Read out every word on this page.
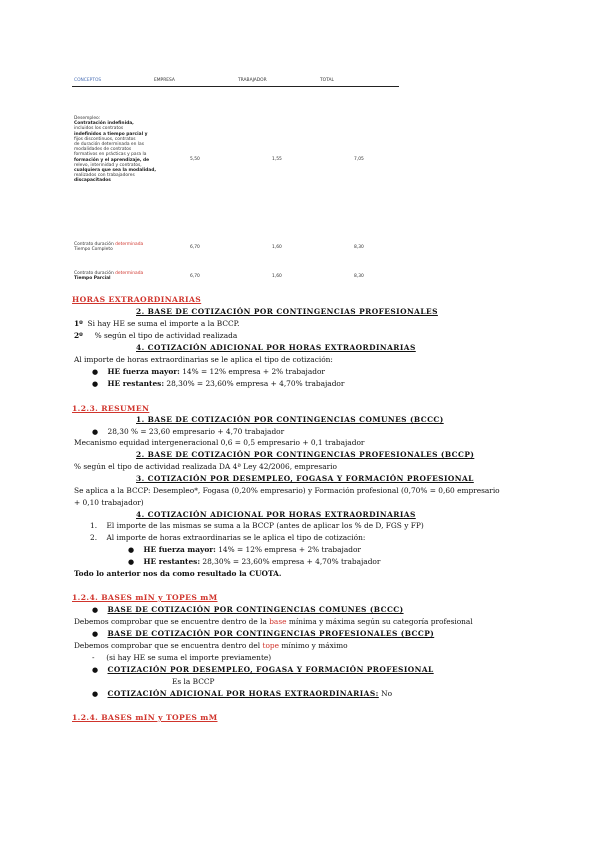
CONCEPTOS	EMPRESA	TRABAJADOR	TOTAL
Desempleo:
Contratación indefinida,
incluidos los contratos
indefinidos a tiempo parcial y
fijos discontinuos, contratos
de duración determinada en las
modalidades de contratos
formativos en prácticas y para la
formación y el aprendizaje, de
relevo, interinidad y contratos,
cualquiera que sea la modalidad,
realizados con trabajadores
discapacitados
5,50	1,55	7,05
Contrato duración determinada
Tiempo Completo	6,70	1,60	8,30
Contrato duración determinada
Tiempo Parcial	6,70	1,60	8,30
HORAS EXTRAORDINARIAS
2. BASE DE COTIZACIÓN POR CONTINGENCIAS PROFESIONALES
1º Si hay HE se suma el importe a la BCCP.
2º % según el tipo de actividad realizada
4. COTIZACIÓN ADICIONAL POR HORAS EXTRAORDINARIAS
Al importe de horas extraordinarias se le aplica el tipo de cotización:
● HE fuerza mayor: 14% = 12% empresa + 2% trabajador
● HE restantes: 28,30% = 23,60% empresa + 4,70% trabajador
1.2.3. RESUMEN
1. BASE DE COTIZACIÓN POR CONTINGENCIAS COMUNES (BCCC)
● 28,30 % = 23,60 empresario + 4,70 trabajador
Mecanismo equidad intergeneracional 0,6 = 0,5 empresario + 0,1 trabajador
2. BASE DE COTIZACIÓN POR CONTINGENCIAS PROFESIONALES (BCCP)
% según el tipo de actividad realizada DA 4ª Ley 42/2006, empresario
3. COTIZACIÓN POR DESEMPLEO, FOGASA Y FORMACIÓN PROFESIONAL
Se aplica a la BCCP: Desempleo*, Fogasa (0,20% empresario) y Formación profesional (0,70% = 0,60 empresario
+ 0,10 trabajador)
4. COTIZACIÓN ADICIONAL POR HORAS EXTRAORDINARIAS
1. El importe de las mismas se suma a la BCCP (antes de aplicar los % de D, FGS y FP)
2. Al importe de horas extraordinarias se le aplica el tipo de cotización:
● HE fuerza mayor: 14% = 12% empresa + 2% trabajador
● HE restantes: 28,30% = 23,60% empresa + 4,70% trabajador
Todo lo anterior nos da como resultado la CUOTA.
1.2.4. BASES mIN y TOPES mM
● BASE DE COTIZACIÓN POR CONTINGENCIAS COMUNES (BCCC)
Debemos comprobar que se encuentre dentro de la base mínima y máxima según su categoría profesional
● BASE DE COTIZACIÓN POR CONTINGENCIAS PROFESIONALES (BCCP)
Debemos comprobar que se encuentra dentro del tope mínimo y máximo
- (si hay HE se suma el importe previamente)
● COTIZACIÓN POR DESEMPLEO, FOGASA Y FORMACIÓN PROFESIONAL
Es la BCCP
● COTIZACIÓN ADICIONAL POR HORAS EXTRAORDINARIAS: No
1.2.4. BASES mIN y TOPES mM
